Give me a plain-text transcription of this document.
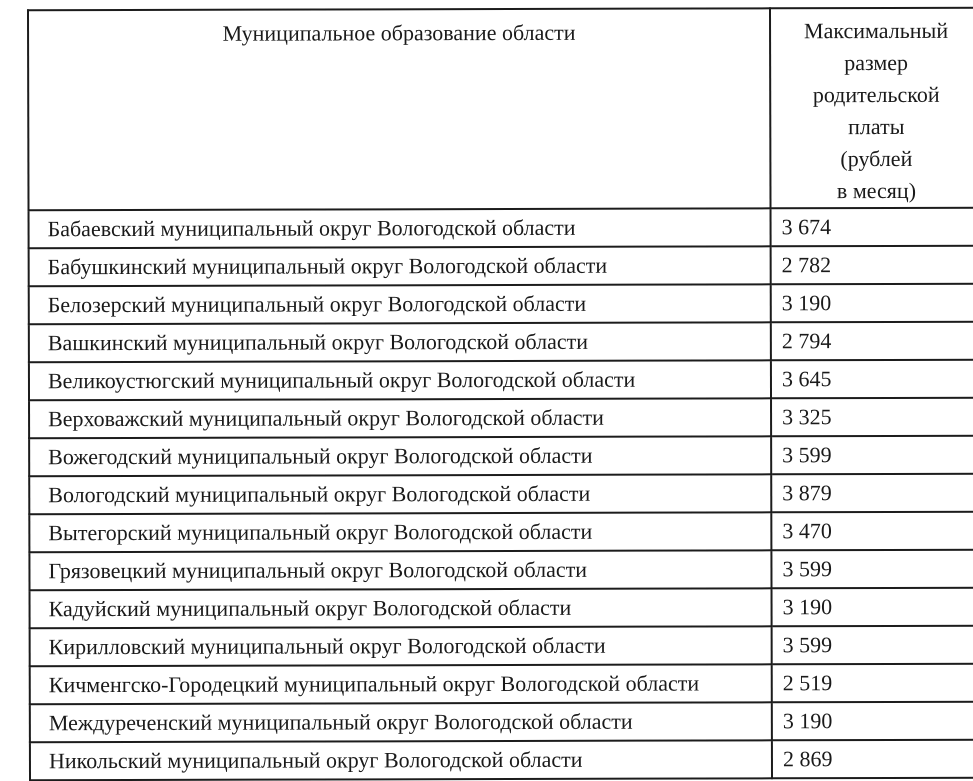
Муниципальное образование области	Максимальный
размер
родительской
платы
(рублей
в месяц)
Бабаевский муниципальный округ Вологодской области	3 674
Бабушкинский муниципальный округ Вологодской области	2 782
Белозерский муниципальный округ Вологодской области	3 190
Вашкинский муниципальный округ Вологодской области	2 794
Великоустюгский муниципальный округ Вологодской области	3 645
Верховажский муниципальный округ Вологодской области	3 325
Вожегодский муниципальный округ Вологодской области	3 599
Вологодский муниципальный округ Вологодской области	3 879
Вытегорский муниципальный округ Вологодской области	3 470
Грязовецкий муниципальный округ Вологодской области	3 599
Кадуйский муниципальный округ Вологодской области	3 190
Кирилловский муниципальный округ Вологодской области	3 599
Кичменгско-Городецкий муниципальный округ Вологодской области	2 519
Междуреченский муниципальный округ Вологодской области	3 190
Никольский муниципальный округ Вологодской области	2 869
